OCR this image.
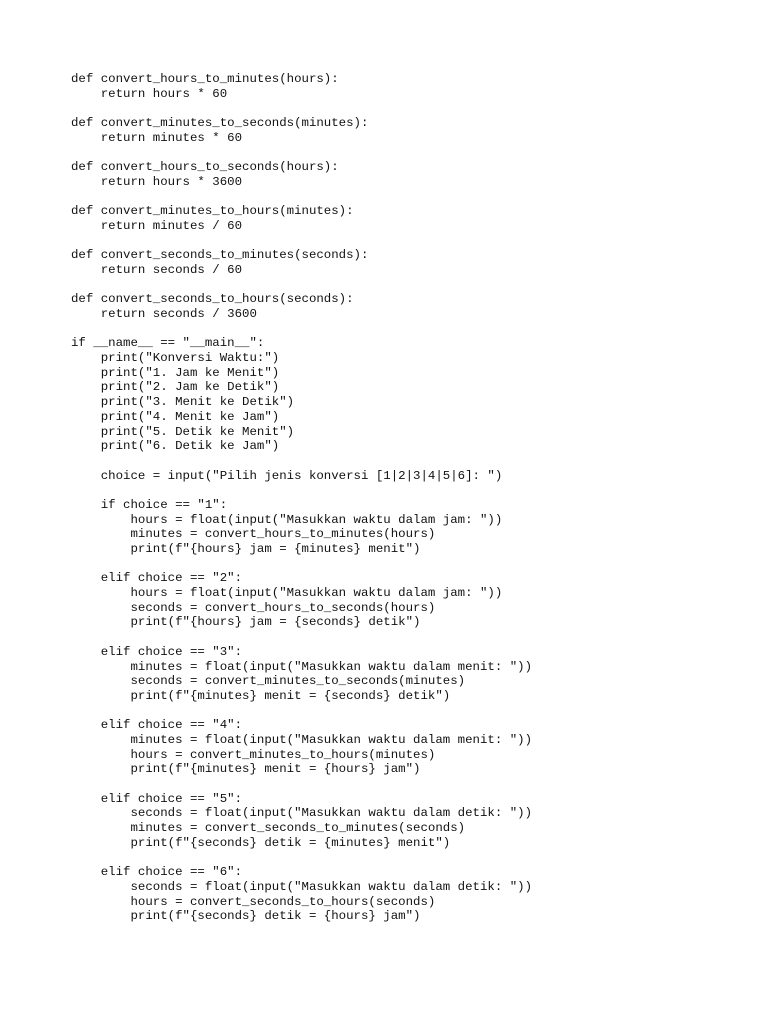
def convert_hours_to_minutes(hours):
return hours * 60
def convert_minutes_to_seconds(minutes):
return minutes * 60
def convert_hours_to_seconds(hours):
return hours * 3600
def convert_minutes_to_hours(minutes):
return minutes / 60
def convert_seconds_to_minutes(seconds):
return seconds / 60
def convert_seconds_to_hours(seconds):
return seconds / 3600
if __name__ == "__main__":
print("Konversi Waktu:")
print("1. Jam ke Menit")
print("2. Jam ke Detik")
print("3. Menit ke Detik")
print("4. Menit ke Jam")
print("5. Detik ke Menit")
print("6. Detik ke Jam")
choice = input("Pilih jenis konversi [1|2|3|4|5|6]: ")
if choice == "1":
hours = float(input("Masukkan waktu dalam jam: "))
minutes = convert_hours_to_minutes(hours)
print(f"{hours} jam = {minutes} menit")
elif choice == "2":
hours = float(input("Masukkan waktu dalam jam: "))
seconds = convert_hours_to_seconds(hours)
print(f"{hours} jam = {seconds} detik")
elif choice == "3":
minutes = float(input("Masukkan waktu dalam menit: "))
seconds = convert_minutes_to_seconds(minutes)
print(f"{minutes} menit = {seconds} detik")
elif choice == "4":
minutes = float(input("Masukkan waktu dalam menit: "))
hours = convert_minutes_to_hours(minutes)
print(f"{minutes} menit = {hours} jam")
elif choice == "5":
seconds = float(input("Masukkan waktu dalam detik: "))
minutes = convert_seconds_to_minutes(seconds)
print(f"{seconds} detik = {minutes} menit")
elif choice == "6":
seconds = float(input("Masukkan waktu dalam detik: "))
hours = convert_seconds_to_hours(seconds)
print(f"{seconds} detik = {hours} jam")
